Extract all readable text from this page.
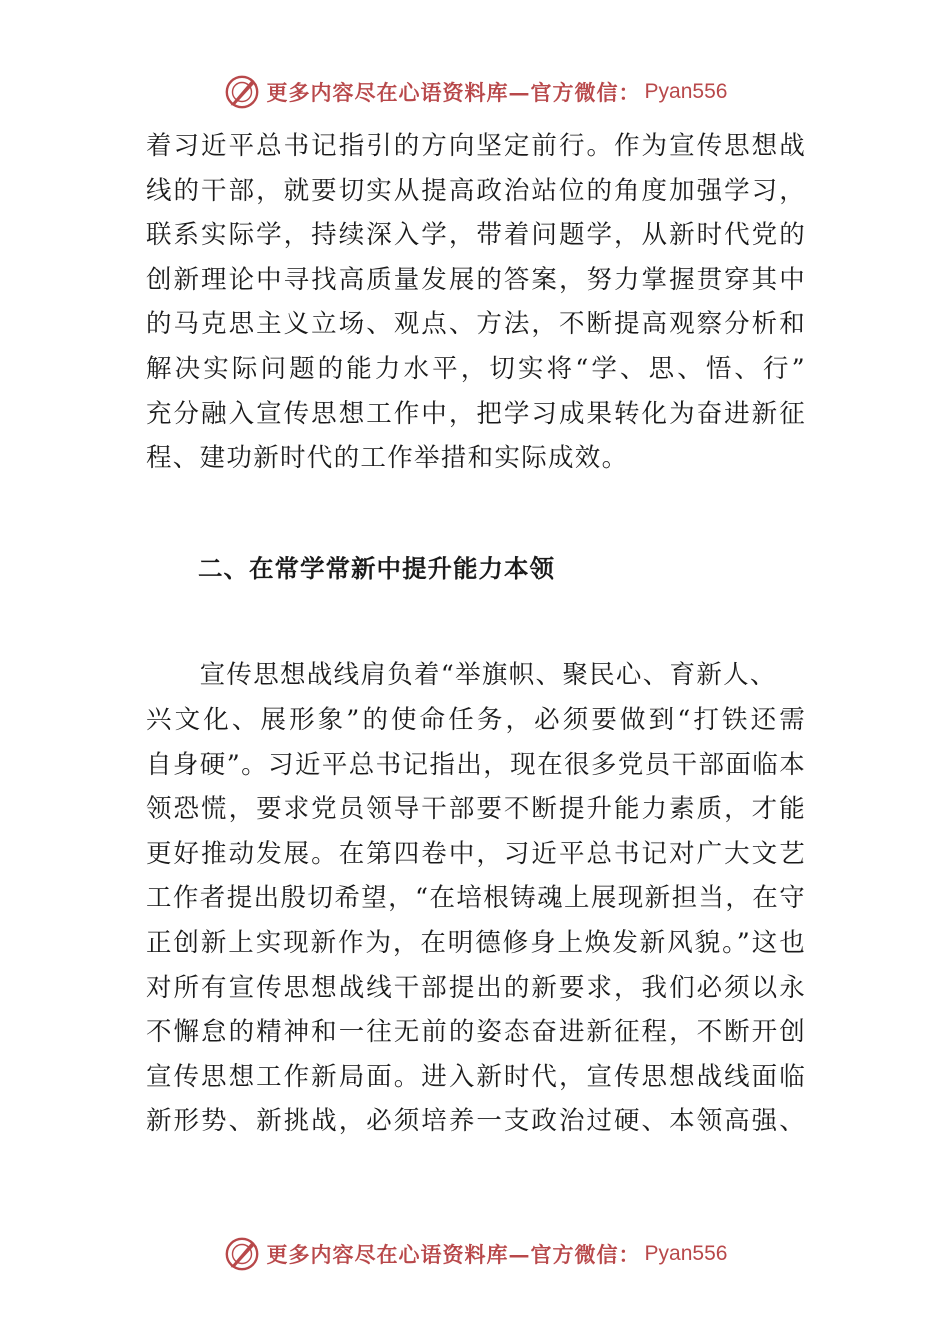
更多内容尽在心语资料库—官方微信： Pyan556
着习近平总书记指引的方向坚定前行。作为宣传思想战
线的干部，就要切实从提高政治站位的角度加强学习，
联系实际学，持续深入学，带着问题学，从新时代党的
创新理论中寻找高质量发展的答案，努力掌握贯穿其中
的马克思主义立场、观点、方法，不断提高观察分析和
解决实际问题的能力水平，切实将“学、思、悟、行”
充分融入宣传思想工作中，把学习成果转化为奋进新征
程、建功新时代的工作举措和实际成效。
二、在常学常新中提升能力本领
　　宣传思想战线肩负着“举旗帜、聚民心、育新人、
兴文化、展形象”的使命任务，必须要做到“打铁还需
自身硬”。习近平总书记指出，现在很多党员干部面临本
领恐慌，要求党员领导干部要不断提升能力素质，才能
更好推动发展。在第四卷中，习近平总书记对广大文艺
工作者提出殷切希望，“在培根铸魂上展现新担当，在守
正创新上实现新作为，在明德修身上焕发新风貌。”这也
对所有宣传思想战线干部提出的新要求，我们必须以永
不懈怠的精神和一往无前的姿态奋进新征程，不断开创
宣传思想工作新局面。进入新时代，宣传思想战线面临
新形势、新挑战，必须培养一支政治过硬、本领高强、
更多内容尽在心语资料库—官方微信： Pyan556
